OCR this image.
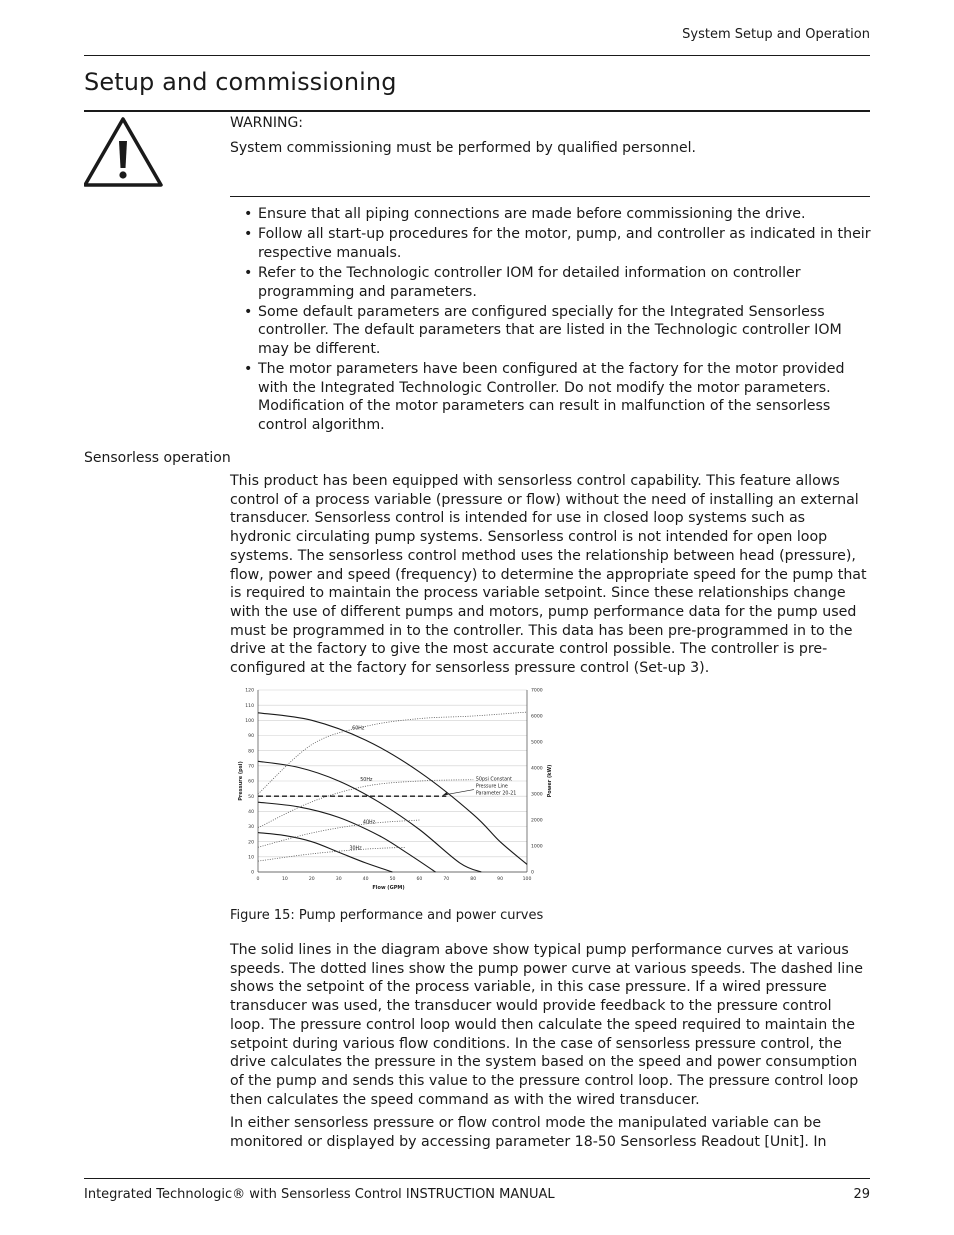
System Setup and Operation
Setup and commissioning
WARNING:
System commissioning must be performed by qualified personnel.
• Ensure that all piping connections are made before commissioning the drive.
• Follow all start-up procedures for the motor, pump, and controller as indicated in their respective manuals.
• Refer to the Technologic controller IOM for detailed information on controller programming and parameters.
• Some default parameters are configured specially for the Integrated Sensorless controller. The default parameters that are listed in the Technologic controller IOM may be different.
• The motor parameters have been configured at the factory for the motor provided with the Integrated Technologic Controller. Do not modify the motor parameters. Modification of the motor parameters can result in malfunction of the sensorless control algorithm.
Sensorless operation
This product has been equipped with sensorless control capability. This feature allows control of a process variable (pressure or flow) without the need of installing an external transducer. Sensorless control is intended for use in closed loop systems such as hydronic circulating pump systems. Sensorless control is not intended for open loop systems. The sensorless control method uses the relationship between head (pressure), flow, power and speed (frequency) to determine the appropriate speed for the pump that is required to maintain the process variable setpoint. Since these relationships change with the use of different pumps and motors, pump performance data for the pump used must be programmed in to the controller. This data has been pre-programmed in to the drive at the factory to give the most accurate control possible. The controller is pre-configured at the factory for sensorless pressure control (Set-up 3).
0	10	20	30	40	50	60	70	80	90	100
0
10
20
30
40
50
60
70
80
90
100
110
120
0
1000
2000
3000
4000
5000
6000
7000
Flow (GPM)
Pressure (psi)	Power (kW)
60Hz
50Hz
40Hz
30Hz
50psi Constant
Pressure Line
Parameter 20-21
Figure 15: Pump performance and power curves
The solid lines in the diagram above show typical pump performance curves at various speeds. The dotted lines show the pump power curve at various speeds. The dashed line shows the setpoint of the process variable, in this case pressure. If a wired pressure transducer was used, the transducer would provide feedback to the pressure control loop. The pressure control loop would then calculate the speed required to maintain the setpoint during various flow conditions. In the case of sensorless pressure control, the drive calculates the pressure in the system based on the speed and power consumption of the pump and sends this value to the pressure control loop. The pressure control loop then calculates the speed command as with the wired transducer.
In either sensorless pressure or flow control mode the manipulated variable can be monitored or displayed by accessing parameter 18-50 Sensorless Readout [Unit]. In
Integrated Technologic® with Sensorless Control INSTRUCTION MANUAL	29
